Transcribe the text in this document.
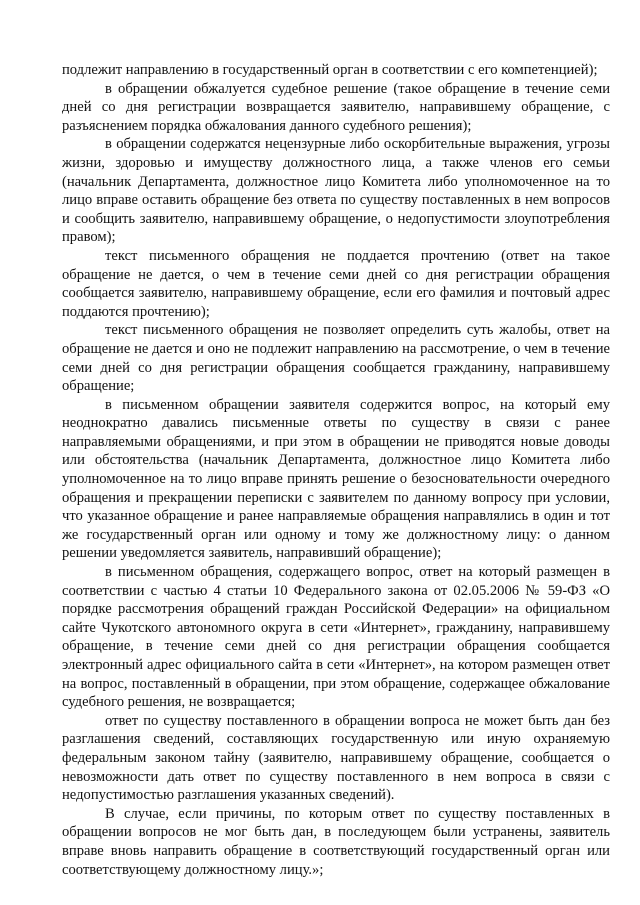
подлежит направлению в государственный орган в соответствии с его компетенцией);

в обращении обжалуется судебное решение (такое обращение в течение семи дней со дня регистрации возвращается заявителю, направившему обращение, с разъяснением порядка обжалования данного судебного решения);

в обращении содержатся нецензурные либо оскорбительные выражения, угрозы жизни, здоровью и имуществу должностного лица, а также членов его семьи (начальник Департамента, должностное лицо Комитета либо уполномоченное на то лицо вправе оставить обращение без ответа по существу поставленных в нем вопросов и сообщить заявителю, направившему обращение, о недопустимости злоупотребления правом);

текст письменного обращения не поддается прочтению (ответ на такое обращение не дается, о чем в течение семи дней со дня регистрации обращения сообщается заявителю, направившему обращение, если его фамилия и почтовый адрес поддаются прочтению);

текст письменного обращения не позволяет определить суть жалобы, ответ на обращение не дается и оно не подлежит направлению на рассмотрение, о чем в течение семи дней со дня регистрации обращения сообщается гражданину, направившему обращение;

в письменном обращении заявителя содержится вопрос, на который ему неоднократно давались письменные ответы по существу в связи с ранее направляемыми обращениями, и при этом в обращении не приводятся новые доводы или обстоятельства (начальник Департамента, должностное лицо Комитета либо уполномоченное на то лицо вправе принять решение о безосновательности очередного обращения и прекращении переписки с заявителем по данному вопросу при условии, что указанное обращение и ранее направляемые обращения направлялись в один и тот же государственный орган или одному и тому же должностному лицу: о данном решении уведомляется заявитель, направивший обращение);

в письменном обращения, содержащего вопрос, ответ на который размещен в соответствии с частью 4 статьи 10 Федерального закона от 02.05.2006 № 59-ФЗ «О порядке рассмотрения обращений граждан Российской Федерации» на официальном сайте Чукотского автономного округа в сети «Интернет», гражданину, направившему обращение, в течение семи дней со дня регистрации обращения сообщается электронный адрес официального сайта в сети «Интернет», на котором размещен ответ на вопрос, поставленный в обращении, при этом обращение, содержащее обжалование судебного решения, не возвращается;

ответ по существу поставленного в обращении вопроса не может быть дан без разглашения сведений, составляющих государственную или иную охраняемую федеральным законом тайну (заявителю, направившему обращение, сообщается о невозможности дать ответ по существу поставленного в нем вопроса в связи с недопустимостью разглашения указанных сведений).

В случае, если причины, по которым ответ по существу поставленных в обращении вопросов не мог быть дан, в последующем были устранены, заявитель вправе вновь направить обращение в соответствующий государственный орган или соответствующему должностному лицу.»;
